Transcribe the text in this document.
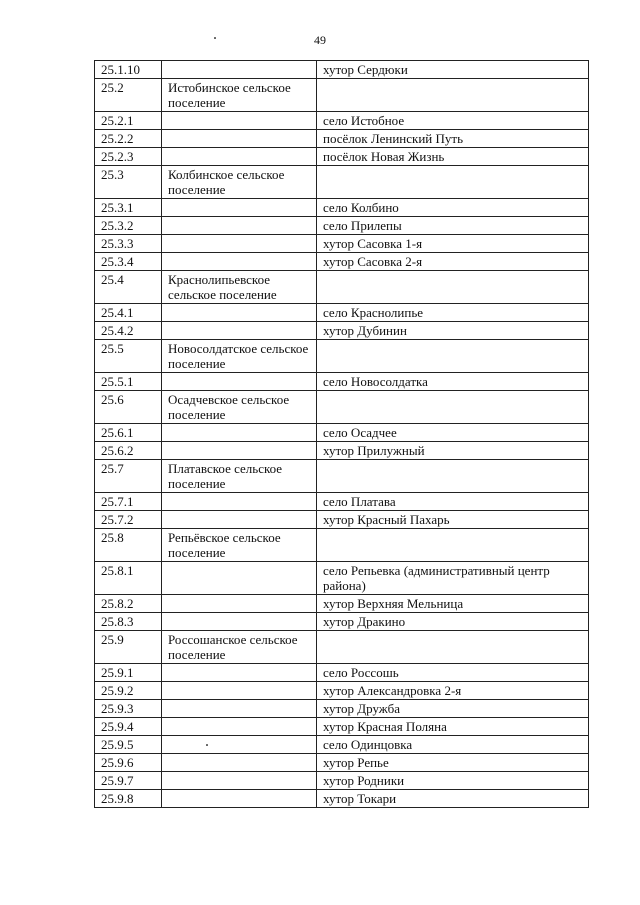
49
25.1.10		хутор Сердюки
25.2	Истобинское сельское поселение	
25.2.1		село Истобное
25.2.2		посёлок Ленинский Путь
25.2.3		посёлок Новая Жизнь
25.3	Колбинское сельское поселение	
25.3.1		село Колбино
25.3.2		село Прилепы
25.3.3		хутор Сасовка 1-я
25.3.4		хутор Сасовка 2-я
25.4	Краснолипьевское сельское поселение	
25.4.1		село Краснолипье
25.4.2		хутор Дубинин
25.5	Новосолдатское сельское поселение	
25.5.1		село Новосолдатка
25.6	Осадчевское сельское поселение	
25.6.1		село Осадчее
25.6.2		хутор Прилужный
25.7	Платавское сельское поселение	
25.7.1		село Платава
25.7.2		хутор Красный Пахарь
25.8	Репьёвское сельское поселение	
25.8.1		село Репьевка (административный центр района)
25.8.2		хутор Верхняя Мельница
25.8.3		хутор Дракино
25.9	Россошанское сельское поселение	
25.9.1		село Россошь
25.9.2		хутор Александровка 2-я
25.9.3		хутор Дружба
25.9.4		хутор Красная Поляна
25.9.5		село Одинцовка
25.9.6		хутор Репье
25.9.7		хутор Родники
25.9.8		хутор Токари
